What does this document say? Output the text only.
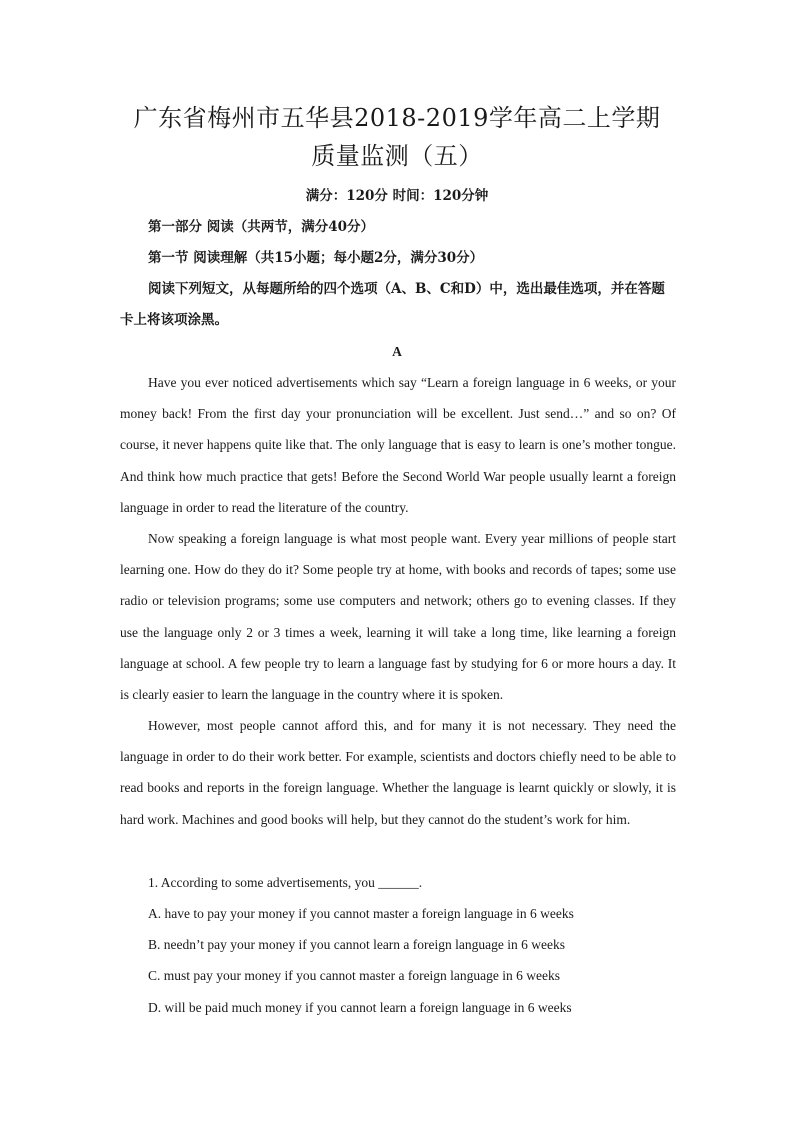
广东省梅州市五华县2018-2019学年高二上学期
质量监测（五）
满分：120分 时间：120分钟
第一部分 阅读（共两节，满分40分）
第一节 阅读理解（共15小题；每小题2分，满分30分）
阅读下列短文，从每题所给的四个选项（A、B、C和D）中，选出最佳选项，并在答题卡上将该项涂黑。
A

Have you ever noticed advertisements which say “Learn a foreign language in 6 weeks, or your money back! From the first day your pronunciation will be excellent. Just send…” and so on? Of course, it never happens quite like that. The only language that is easy to learn is one’s mother tongue. And think how much practice that gets! Before the Second World War people usually learnt a foreign language in order to read the literature of the country.

Now speaking a foreign language is what most people want. Every year millions of people start learning one. How do they do it? Some people try at home, with books and records of tapes; some use radio or television programs; some use computers and network; others go to evening classes. If they use the language only 2 or 3 times a week, learning it will take a long time, like learning a foreign language at school. A few people try to learn a language fast by studying for 6 or more hours a day. It is clearly easier to learn the language in the country where it is spoken.

However, most people cannot afford this, and for many it is not necessary. They need the language in order to do their work better. For example, scientists and doctors chiefly need to be able to read books and reports in the foreign language. Whether the language is learnt quickly or slowly, it is hard work. Machines and good books will help, but they cannot do the student’s work for him.

1. According to some advertisements, you ______.
A. have to pay your money if you cannot master a foreign language in 6 weeks
B. needn’t pay your money if you cannot learn a foreign language in 6 weeks
C. must pay your money if you cannot master a foreign language in 6 weeks
D. will be paid much money if you cannot learn a foreign language in 6 weeks
